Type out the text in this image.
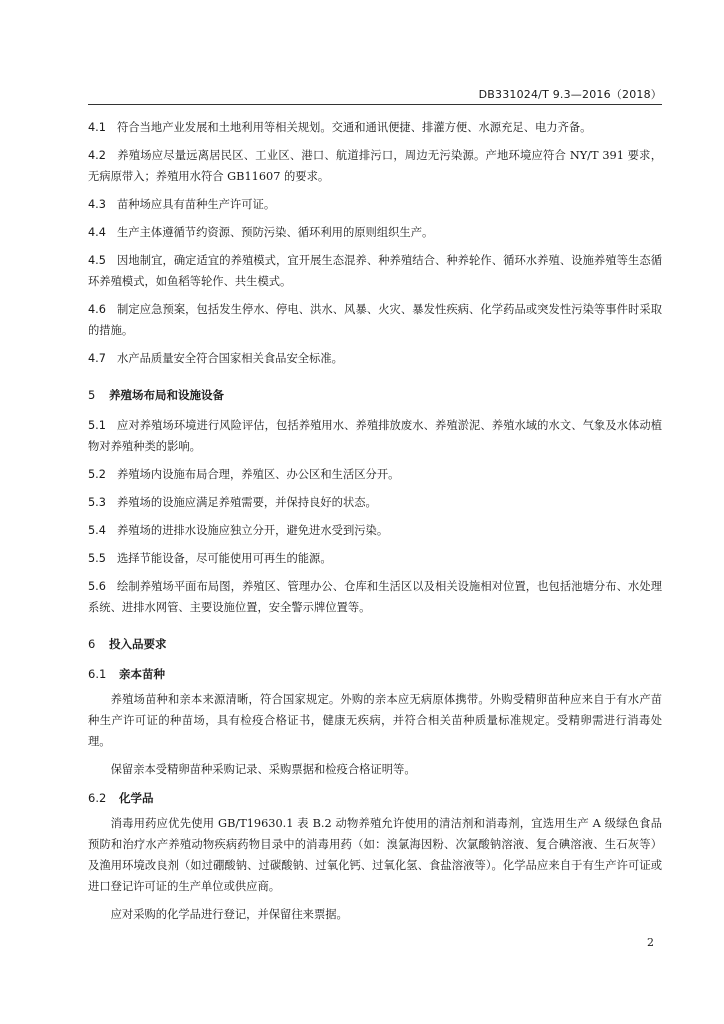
DB331024/T 9.3—2016（2018）

4.1 符合当地产业发展和土地利用等相关规划。交通和通讯便捷、排灌方便、水源充足、电力齐备。

4.2 养殖场应尽量远离居民区、工业区、港口、航道排污口，周边无污染源。产地环境应符合 NY/T 391 要求，无病原带入；养殖用水符合 GB11607 的要求。

4.3 苗种场应具有苗种生产许可证。

4.4 生产主体遵循节约资源、预防污染、循环利用的原则组织生产。

4.5 因地制宜，确定适宜的养殖模式，宜开展生态混养、种养殖结合、种养轮作、循环水养殖、设施养殖等生态循环养殖模式，如鱼稻等轮作、共生模式。

4.6 制定应急预案，包括发生停水、停电、洪水、风暴、火灾、暴发性疾病、化学药品或突发性污染等事件时采取的措施。

4.7 水产品质量安全符合国家相关食品安全标准。

5 养殖场布局和设施设备

5.1 应对养殖场环境进行风险评估，包括养殖用水、养殖排放废水、养殖淤泥、养殖水域的水文、气象及水体动植物对养殖种类的影响。

5.2 养殖场内设施布局合理，养殖区、办公区和生活区分开。

5.3 养殖场的设施应满足养殖需要，并保持良好的状态。

5.4 养殖场的进排水设施应独立分开，避免进水受到污染。

5.5 选择节能设备，尽可能使用可再生的能源。

5.6 绘制养殖场平面布局图，养殖区、管理办公、仓库和生活区以及相关设施相对位置，也包括池塘分布、水处理系统、进排水网管、主要设施位置，安全警示牌位置等。

6 投入品要求
6.1 亲本苗种

养殖场苗种和亲本来源清晰，符合国家规定。外购的亲本应无病原体携带。外购受精卵苗种应来自于有水产苗种生产许可证的种苗场，具有检疫合格证书，健康无疾病，并符合相关苗种质量标准规定。受精卵需进行消毒处理。

保留亲本受精卵苗种采购记录、采购票据和检疫合格证明等。

6.2 化学品

消毒用药应优先使用 GB/T19630.1 表 B.2 动物养殖允许使用的清洁剂和消毒剂，宜选用生产 A 级绿色食品预防和治疗水产养殖动物疾病药物目录中的消毒用药（如：溴氯海因粉、次氯酸钠溶液、复合碘溶液、生石灰等）及渔用环境改良剂（如过硼酸钠、过碳酸钠、过氧化钙、过氧化氢、食盐溶液等）。化学品应来自于有生产许可证或进口登记许可证的生产单位或供应商。

应对采购的化学品进行登记，并保留往来票据。

2
